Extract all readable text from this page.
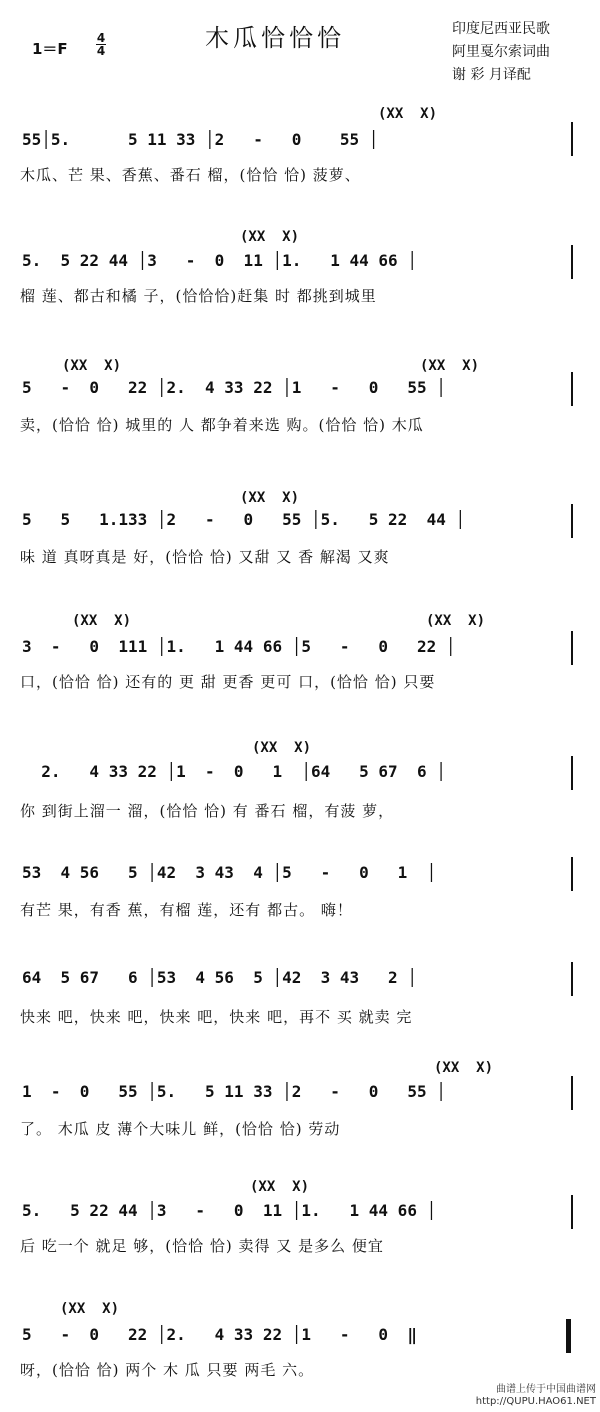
木瓜恰恰恰
1＝F
4
4
印度尼西亚民歌
阿里戛尔索词曲
谢 彩 月译配
(XX  X)
55│5.      5 11 33 │2   -   0    55 │
木瓜、芒 果、香蕉、番石 榴，(恰恰 恰) 菠萝、
(XX  X)
5.  5 22 44 │3   -  0  11 │1.   1 44 66 │
榴 莲、都古和橘 子，(恰恰恰)赶集 时 都挑到城里
(XX  X)	(XX  X)
5   -  0   22 │2.  4 33 22 │1   -   0   55 │
卖，(恰恰 恰) 城里的 人 都争着来选 购。(恰恰 恰) 木瓜
(XX  X)
5   5   1.133 │2   -   0   55 │5.   5 22  44 │
味 道 真呀真是 好，(恰恰 恰) 又甜 又 香 解渴 又爽
(XX  X)	(XX  X)
3  -   0  111 │1.   1 44 66 │5   -   0   22 │
口，(恰恰 恰) 还有的 更 甜 更香 更可 口，(恰恰 恰) 只要
(XX  X)
2.   4 33 22 │1  -  0   1  │64   5 67  6 │
你 到街上溜一 溜，(恰恰 恰) 有 番石 榴，有菠 萝，
53  4 56   5 │42  3 43  4 │5   -   0   1  │
有芒 果，有香 蕉，有榴 莲，还有 都古。 嗨！
64  5 67   6 │53  4 56  5 │42  3 43   2 │
快来 吧，快来 吧，快来 吧，快来 吧，再不 买 就卖 完
(XX  X)
1  -  0   55 │5.   5 11 33 │2   -   0   55 │
了。 木瓜 皮 薄个大味儿 鲜，(恰恰 恰) 劳动
(XX  X)
5.   5 22 44 │3   -   0  11 │1.   1 44 66 │
后 吃一个 就足 够，(恰恰 恰) 卖得 又 是多么 便宜
(XX  X)
5   -  0   22 │2.   4 33 22 │1   -   0  ‖
呀，(恰恰 恰) 两个 木 瓜 只要 两毛 六。
曲谱上传于中国曲谱网
http://QUPU.HAO61.NET
